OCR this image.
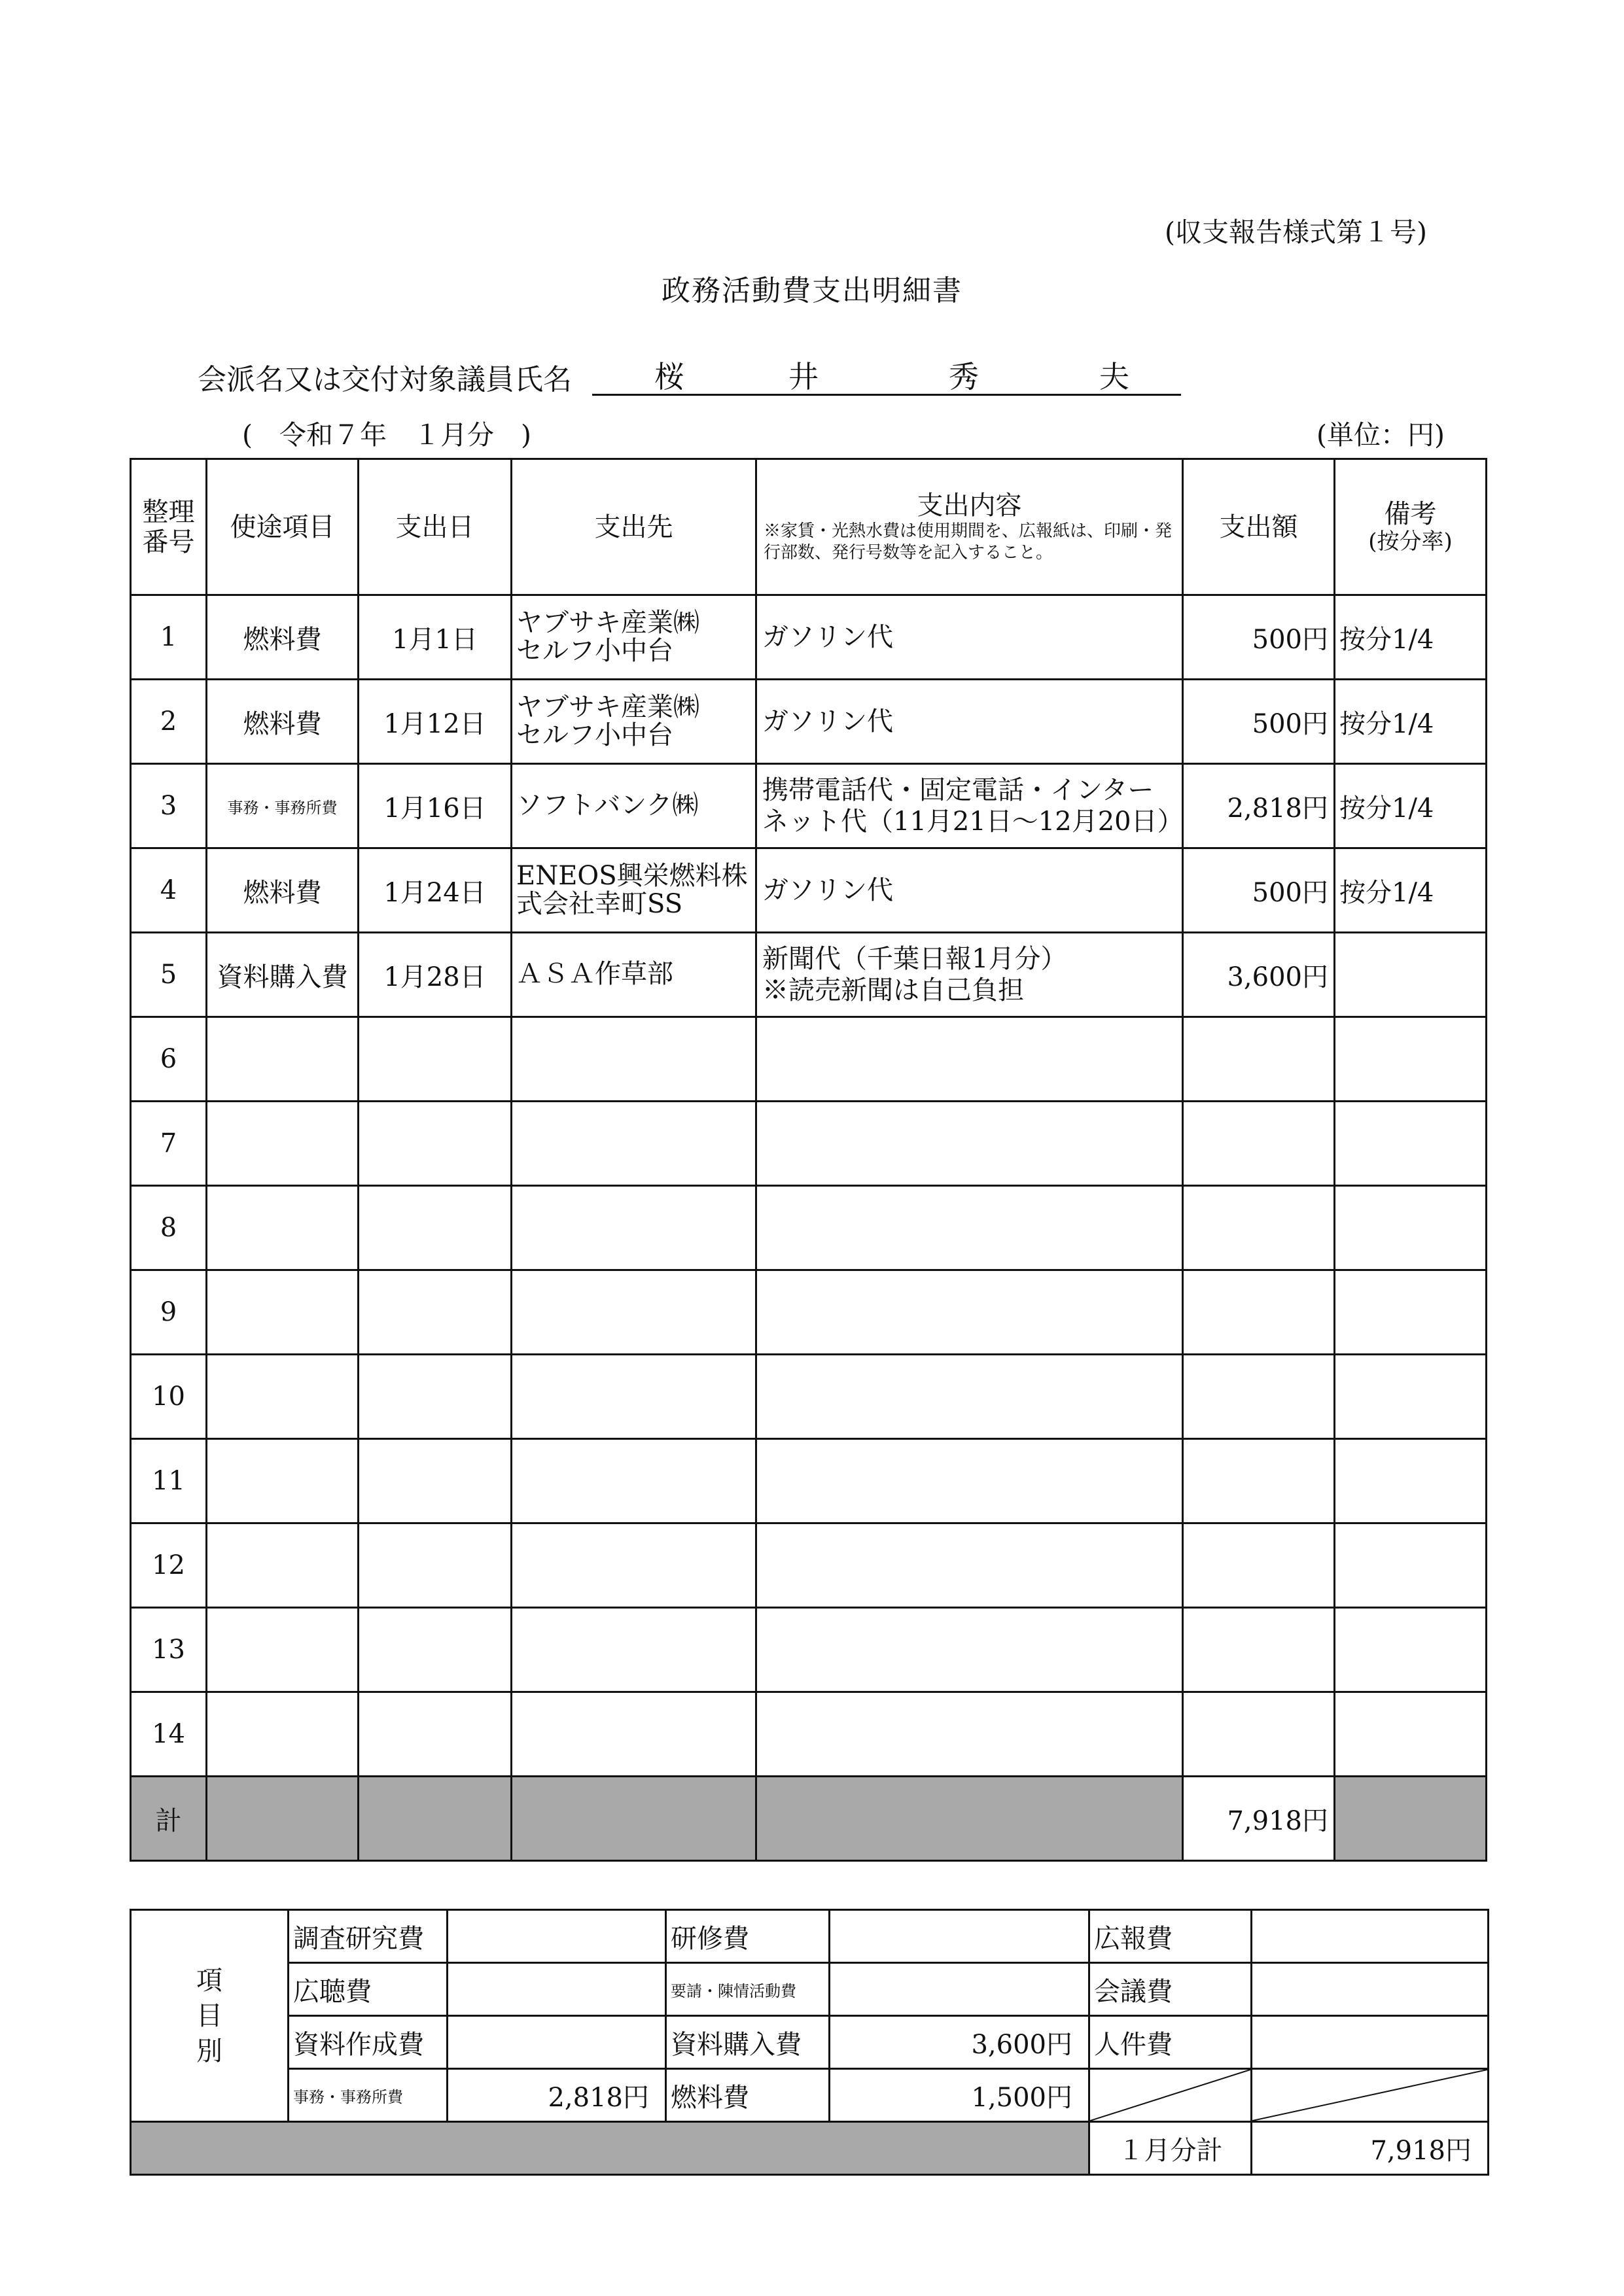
(収支報告様式第１号)
政務活動費支出明細書
会派名又は交付対象議員氏名	桜	井	秀	夫
(　令和７年　１月分　)	(単位：円)
整理
番号	使途項目	支出日	支出先	支出内容
※家賃・光熱水費は使用期間を、広報紙は、印刷・発行部数、発行号数等を記入すること。	支出額	備考
(按分率)

1	燃料費	1月1日	ヤブサキ産業㈱
セルフ小中台	ガソリン代	500円	按分1/4
2	燃料費	1月12日	ヤブサキ産業㈱
セルフ小中台	ガソリン代	500円	按分1/4
3	事務・事務所費	1月16日	ソフトバンク㈱	携帯電話代・固定電話・インター
ネット代（11月21日～12月20日）	2,818円	按分1/4
4	燃料費	1月24日	ENEOS興栄燃料株
式会社幸町SS	ガソリン代	500円	按分1/4
5	資料購入費	1月28日	ＡＳＡ作草部	新聞代（千葉日報1月分）
※読売新聞は自己負担	3,600円	
6			

7			

8			

9			

10			

11			

12			

13			

14			

計					7,918円	
項
目
別	調査研究費		研修費		広報費	
	広聴費		要請・陳情活動費		会議費	
	資料作成費		資料購入費	3,600円	人件費	
	事務・事務所費	2,818円	燃料費	1,500円	

					１月分計	7,918円
